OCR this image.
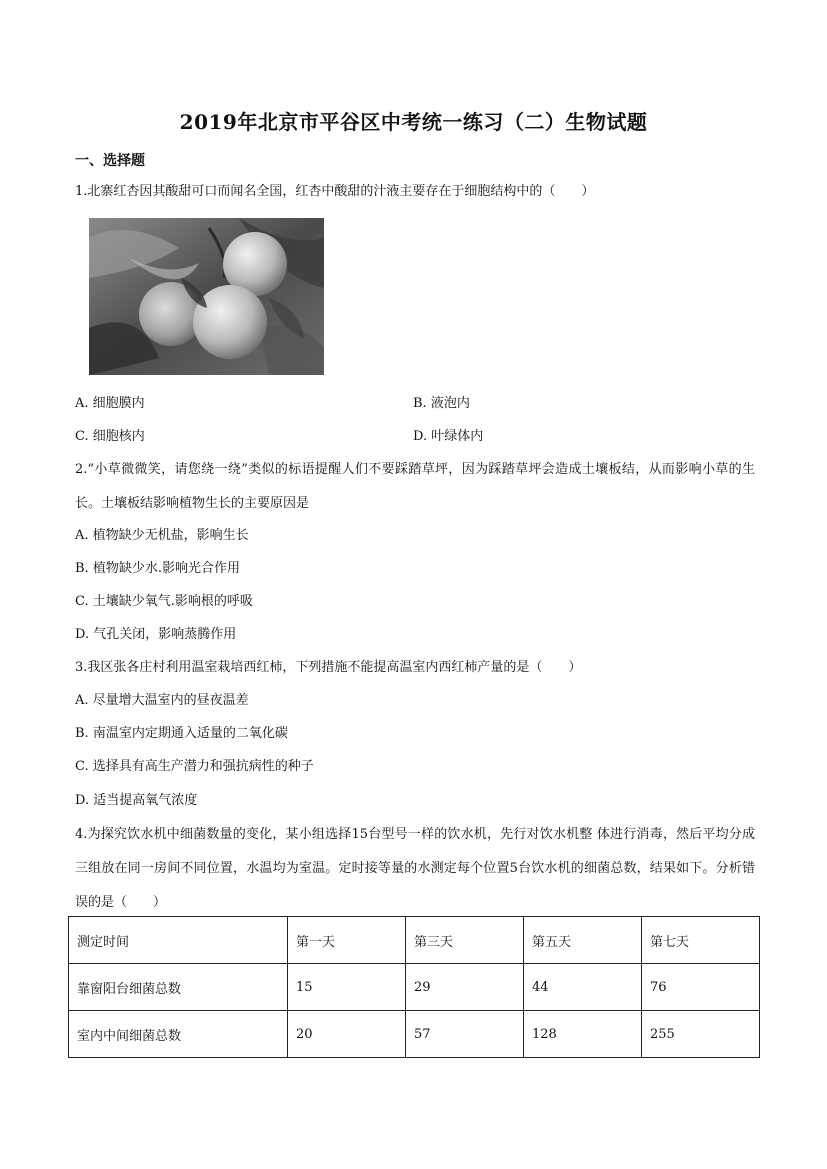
2019年北京市平谷区中考统一练习（二）生物试题
一、选择题
1.北寨红杏因其酸甜可口而闻名全国，红杏中酸甜的汁液主要存在于细胞结构中的（　　）
A. 细胞膜内	B. 液泡内
C. 细胞核内	D. 叶绿体内
2.“小草微微笑，请您绕一绕”类似的标语提醒人们不要踩踏草坪，因为踩踏草坪会造成土壤板结，从而影响小草的生长。土壤板结影响植物生长的主要原因是
A. 植物缺少无机盐，影响生长
B. 植物缺少水.影响光合作用
C. 土壤缺少氧气.影响根的呼吸
D. 气孔关闭，影响蒸腾作用
3.我区张各庄村利用温室栽培西红柿，下列措施不能提高温室内西红柿产量的是（　　）
A. 尽量增大温室内的昼夜温差
B. 南温室内定期通入适量的二氧化碳
C. 选择具有高生产潜力和强抗病性的种子
D. 适当提高氧气浓度
4.为探究饮水机中细菌数量的变化，某小组选择15台型号一样的饮水机，先行对饮水机整 体进行消毒，然后平均分成三组放在同一房间不同位置，水温均为室温。定时接等量的水测定每个位置5台饮水机的细菌总数，结果如下。分析错误的是（　　）
测定时间	第一天	第三天	第五天	第七天
靠窗阳台细菌总数	15	29	44	76
室内中间细菌总数	20	57	128	255
